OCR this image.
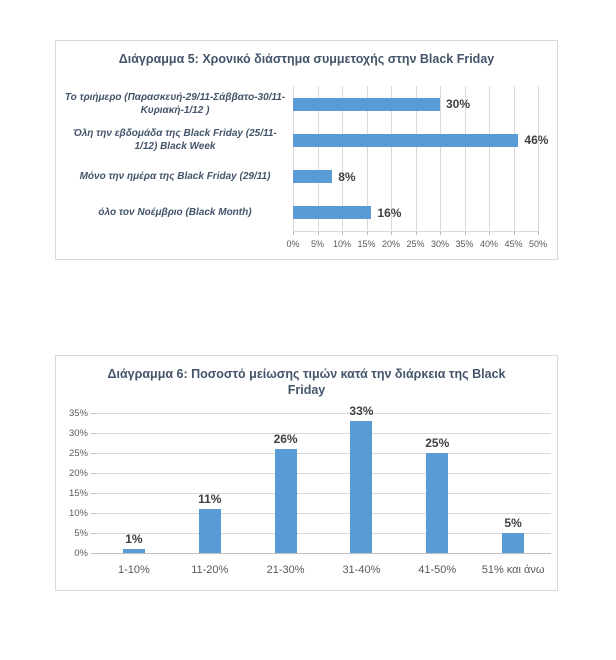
Διάγραμμα 5: Χρονικό διάστημα συμμετοχής στην Black Friday
0%	5% 10% 15% 20% 25% 30% 35% 40% 45% 50%
Το τριήμερο (Παρασκευή-29/11-Σάββατο-30/11-Κυριακή-1/12 )	30%
Όλη την εβδομάδα της Black Friday (25/11-1/12) Black Week	46%
Μόνο την ημέρα της Black Friday (29/11)	8%
όλο τον Νοέμβριο (Black Month)	16%
Διάγραμμα 6: Ποσοστό μείωσης τιμών κατά την διάρκεια της Black Friday
0%
5%
10%
15%
20%
25%
30%
35%
1%
1-10%
11%
11-20%
26%
21-30%
33%
31-40%
25%
41-50%
5%
51% και άνω
